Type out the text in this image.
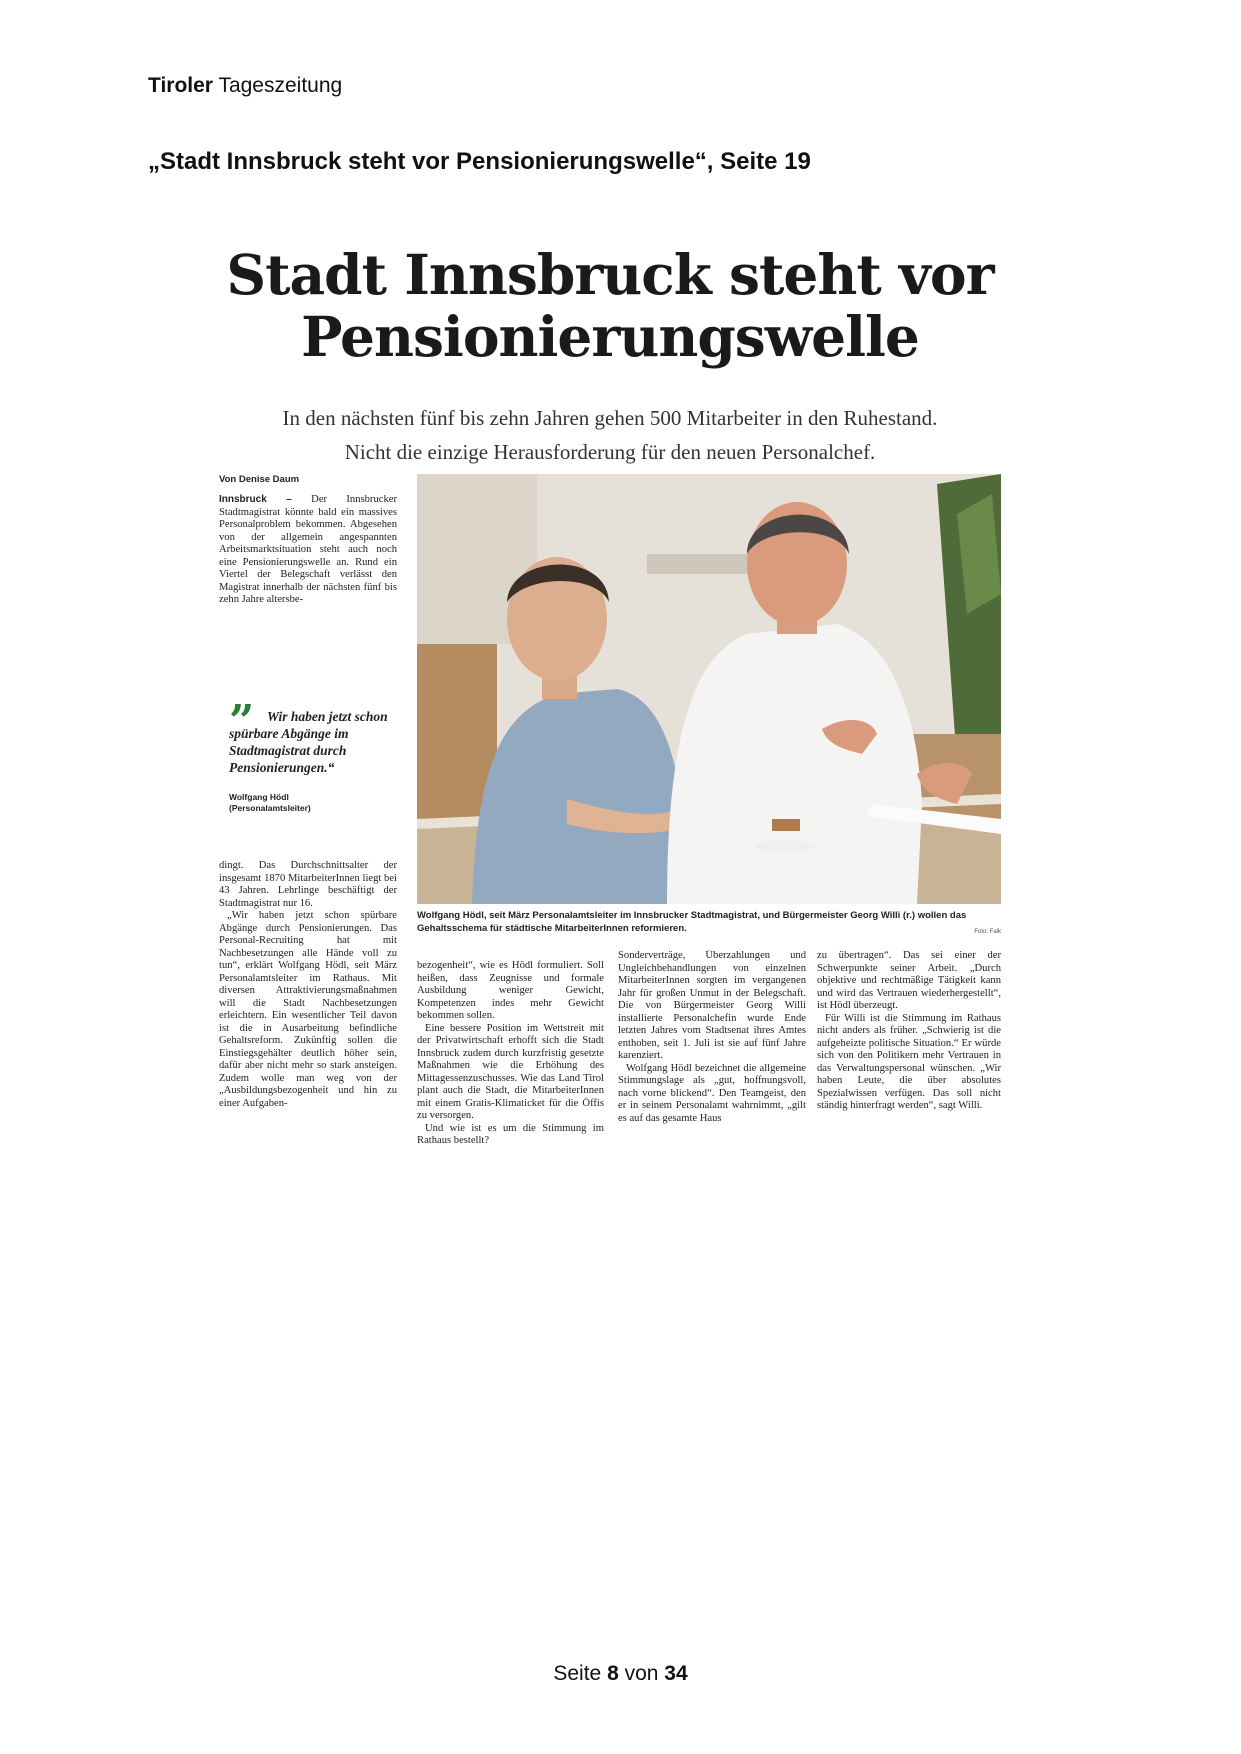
Tiroler Tageszeitung
„Stadt Innsbruck steht vor Pensionierungswelle“, Seite 19
Stadt Innsbruck steht vor
Pensionierungswelle
In den nächsten fünf bis zehn Jahren gehen 500 Mitarbeiter in den Ruhestand.
Nicht die einzige Herausforderung für den neuen Personalchef.
Von Denise Daum

Innsbruck – Der Innsbrucker Stadtmagistrat könnte bald ein massives Personalproblem bekommen. Abgesehen von der allgemein angespannten Arbeitsmarktsituation steht auch noch eine Pensionierungswelle an. Rund ein Viertel der Belegschaft verlässt den Magistrat innerhalb der nächsten fünf bis zehn Jahre altersbe-

” Wir haben jetzt schon spürbare Abgänge im Stadtmagistrat durch Pensionierungen.“
Wolfgang Hödl
(Personalamtsleiter)

dingt. Das Durchschnittsalter der insgesamt 1870 MitarbeiterInnen liegt bei 43 Jahren. Lehrlinge beschäftigt der Stadtmagistrat nur 16.

„Wir haben jetzt schon spürbare Abgänge durch Pensionierungen. Das Personal-Recruiting hat mit Nachbesetzungen alle Hände voll zu tun“, erklärt Wolfgang Hödl, seit März Personalamtsleiter im Rathaus. Mit diversen Attraktivierungsmaßnahmen will die Stadt Nachbesetzungen erleichtern. Ein wesentlicher Teil davon ist die in Ausarbeitung befindliche Gehaltsreform. Zukünftig sollen die Einstiegsgehälter deutlich höher sein, dafür aber nicht mehr so stark ansteigen. Zudem wolle man weg von der „Ausbildungsbezogenheit und hin zu einer Aufgaben-

Wolfgang Hödl, seit März Personalamtsleiter im Innsbrucker Stadtmagistrat, und Bürgermeister Georg Willi (r.) wollen das Gehaltsschema für städtische MitarbeiterInnen reformieren.	Foto: Falk

bezogenheit“, wie es Hödl formuliert. Soll heißen, dass Zeugnisse und formale Ausbildung weniger Gewicht, Kompetenzen indes mehr Gewicht bekommen sollen.

Eine bessere Position im Wettstreit mit der Privatwirtschaft erhofft sich die Stadt Innsbruck zudem durch kurzfristig gesetzte Maßnahmen wie die Erhöhung des Mittagessenzuschusses. Wie das Land Tirol plant auch die Stadt, die MitarbeiterInnen mit einem Gratis-Klimaticket für die Öffis zu versorgen.

Und wie ist es um die Stimmung im Rathaus bestellt?

Sonderverträge, Überzahlungen und Ungleichbehandlungen von einzelnen MitarbeiterInnen sorgten im vergangenen Jahr für großen Unmut in der Belegschaft. Die von Bürgermeister Georg Willi installierte Personalchefin wurde Ende letzten Jahres vom Stadtsenat ihres Amtes enthoben, seit 1. Juli ist sie auf fünf Jahre karenziert.

Wolfgang Hödl bezeichnet die allgemeine Stimmungslage als „gut, hoffnungsvoll, nach vorne blickend“. Den Teamgeist, den er in seinem Personalamt wahrnimmt, „gilt es auf das gesamte Haus

zu übertragen“. Das sei einer der Schwerpunkte seiner Arbeit. „Durch objektive und rechtmäßige Tätigkeit kann und wird das Vertrauen wiederhergestellt“, ist Hödl überzeugt.

Für Willi ist die Stimmung im Rathaus nicht anders als früher. „Schwierig ist die aufgeheizte politische Situation.“ Er würde sich von den Politikern mehr Vertrauen in das Verwaltungspersonal wünschen. „Wir haben Leute, die über absolutes Spezialwissen verfügen. Das soll nicht ständig hinterfragt werden“, sagt Willi.

Seite 8 von 34
